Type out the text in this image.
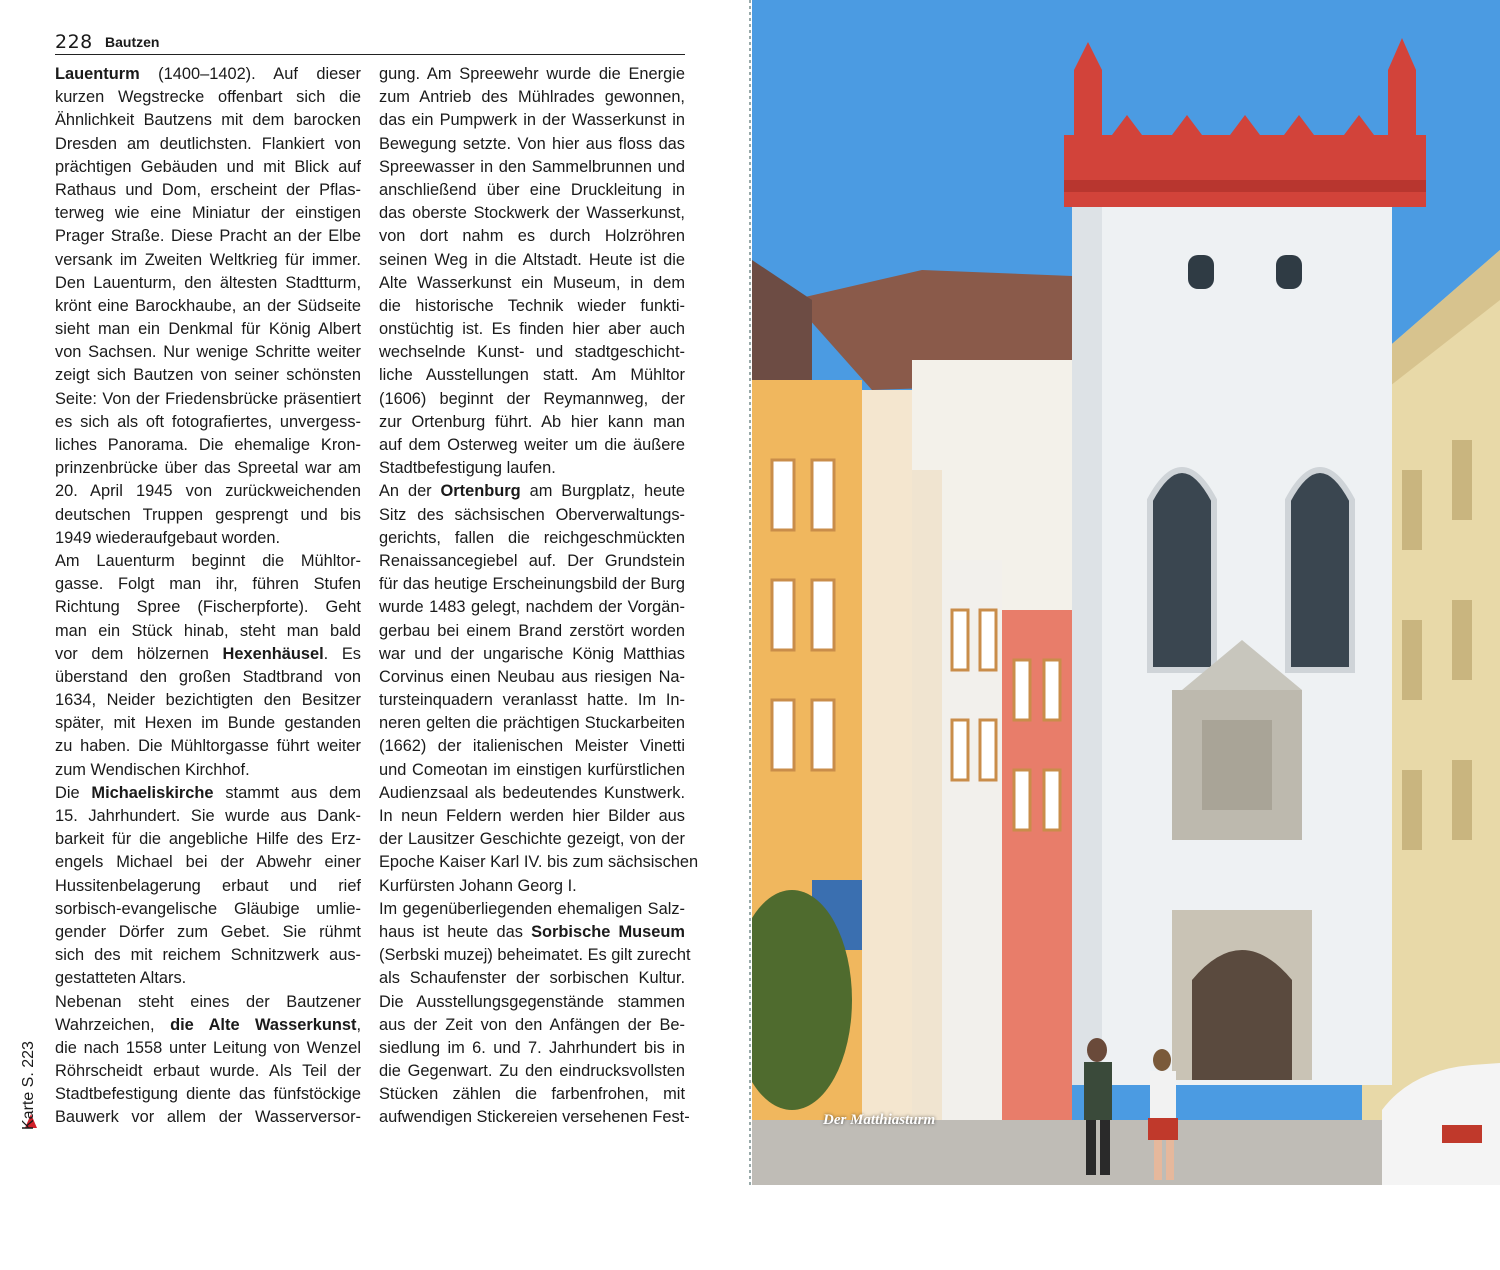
228 Bautzen
Lauenturm (1400–1402). Auf dieser
kurzen Wegstrecke offenbart sich die
Ähnlichkeit Bautzens mit dem barocken
Dresden am deutlichsten. Flankiert von
prächtigen Gebäuden und mit Blick auf
Rathaus und Dom, erscheint der Pflas-
terweg wie eine Miniatur der einstigen
Prager Straße. Diese Pracht an der Elbe
versank im Zweiten Weltkrieg für immer.
Den Lauenturm, den ältesten Stadtturm,
krönt eine Barockhaube, an der Südseite
sieht man ein Denkmal für König Albert
von Sachsen. Nur wenige Schritte weiter
zeigt sich Bautzen von seiner schönsten
Seite: Von der Friedensbrücke präsentiert
es sich als oft fotografiertes, unvergess-
liches Panorama. Die ehemalige Kron-
prinzenbrücke über das Spreetal war am
20. April 1945 von zurückweichenden
deutschen Truppen gesprengt und bis
1949 wiederaufgebaut worden.
Am Lauenturm beginnt die Mühltor-
gasse. Folgt man ihr, führen Stufen
Richtung Spree (Fischerpforte). Geht
man ein Stück hinab, steht man bald
vor dem hölzernen Hexenhäusel. Es
überstand den großen Stadtbrand von
1634, Neider bezichtigten den Besitzer
später, mit Hexen im Bunde gestanden
zu haben. Die Mühltorgasse führt weiter
zum Wendischen Kirchhof.
Die Michaeliskirche stammt aus dem
15. Jahrhundert. Sie wurde aus Dank-
barkeit für die angebliche Hilfe des Erz-
engels Michael bei der Abwehr einer
Hussitenbelagerung erbaut und rief
sorbisch-evangelische Gläubige umlie-
gender Dörfer zum Gebet. Sie rühmt
sich des mit reichem Schnitzwerk aus-
gestatteten Altars.
Nebenan steht eines der Bautzener
Wahrzeichen, die Alte Wasserkunst,
die nach 1558 unter Leitung von Wenzel
Röhrscheidt erbaut wurde. Als Teil der
Stadtbefestigung diente das fünfstöckige
Bauwerk vor allem der Wasserversor-
gung. Am Spreewehr wurde die Energie
zum Antrieb des Mühlrades gewonnen,
das ein Pumpwerk in der Wasserkunst in
Bewegung setzte. Von hier aus floss das
Spreewasser in den Sammelbrunnen und
anschließend über eine Druckleitung in
das oberste Stockwerk der Wasserkunst,
von dort nahm es durch Holzröhren
seinen Weg in die Altstadt. Heute ist die
Alte Wasserkunst ein Museum, in dem
die historische Technik wieder funkti-
onstüchtig ist. Es finden hier aber auch
wechselnde Kunst- und stadtgeschicht-
liche Ausstellungen statt. Am Mühltor
(1606) beginnt der Reymannweg, der
zur Ortenburg führt. Ab hier kann man
auf dem Osterweg weiter um die äußere
Stadtbefestigung laufen.
An der Ortenburg am Burgplatz, heute
Sitz des sächsischen Oberverwaltungs-
gerichts, fallen die reichgeschmückten
Renaissancegiebel auf. Der Grundstein
für das heutige Erscheinungsbild der Burg
wurde 1483 gelegt, nachdem der Vorgän-
gerbau bei einem Brand zerstört worden
war und der ungarische König Matthias
Corvinus einen Neubau aus riesigen Na-
tursteinquadern veranlasst hatte. Im In-
neren gelten die prächtigen Stuckarbeiten
(1662) der italienischen Meister Vinetti
und Comeotan im einstigen kurfürstlichen
Audienzsaal als bedeutendes Kunstwerk.
In neun Feldern werden hier Bilder aus
der Lausitzer Geschichte gezeigt, von der
Epoche Kaiser Karl IV. bis zum sächsischen
Kurfürsten Johann Georg I.
Im gegenüberliegenden ehemaligen Salz-
haus ist heute das Sorbische Museum
(Serbski muzej) beheimatet. Es gilt zurecht
als Schaufenster der sorbischen Kultur.
Die Ausstellungsgegenstände stammen
aus der Zeit von den Anfängen der Be-
siedlung im 6. und 7. Jahrhundert bis in
die Gegenwart. Zu den eindrucksvollsten
Stücken zählen die farbenfrohen, mit
aufwendigen Stickereien versehenen Fest-
Karte S. 223	Der Matthiasturm
